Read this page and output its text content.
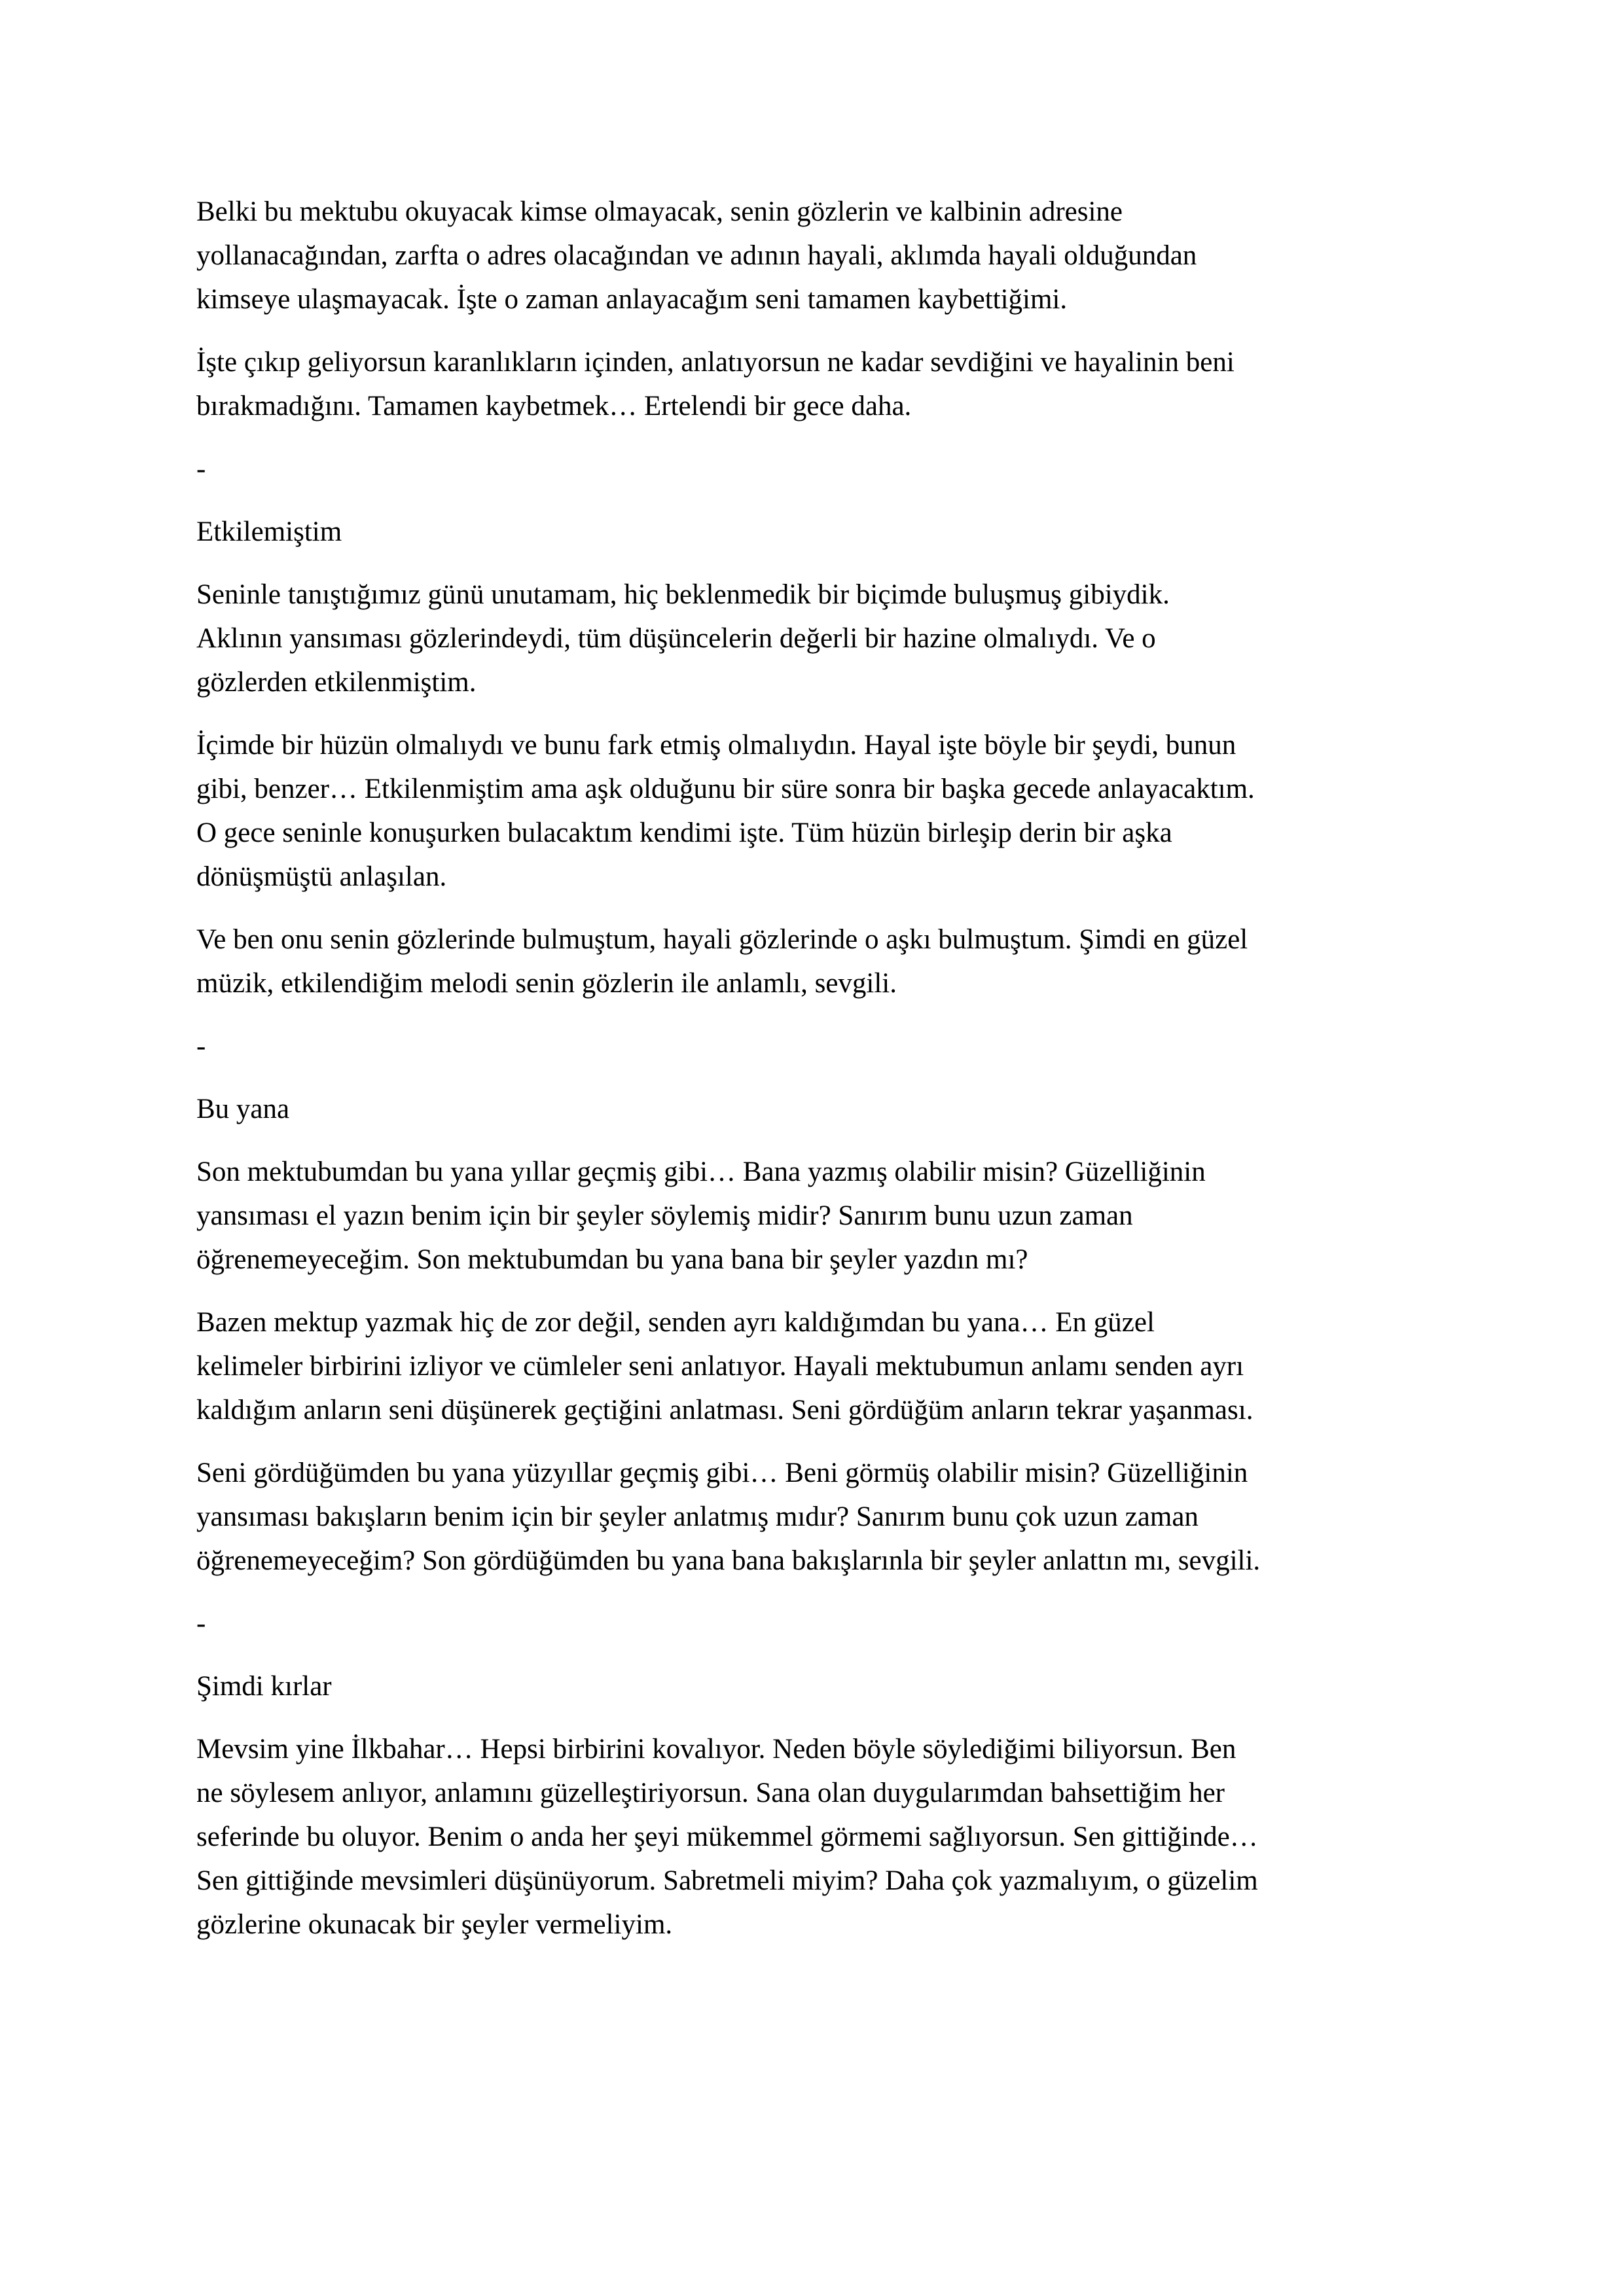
Belki bu mektubu okuyacak kimse olmayacak, senin gözlerin ve kalbinin adresine
yollanacağından, zarfta o adres olacağından ve adının hayali, aklımda hayali olduğundan
kimseye ulaşmayacak. İşte o zaman anlayacağım seni tamamen kaybettiğimi.

İşte çıkıp geliyorsun karanlıkların içinden, anlatıyorsun ne kadar sevdiğini ve hayalinin beni
bırakmadığını. Tamamen kaybetmek… Ertelendi bir gece daha.

-
Etkilemiştim

Seninle tanıştığımız günü unutamam, hiç beklenmedik bir biçimde buluşmuş gibiydik.
Aklının yansıması gözlerindeydi, tüm düşüncelerin değerli bir hazine olmalıydı. Ve o
gözlerden etkilenmiştim.

İçimde bir hüzün olmalıydı ve bunu fark etmiş olmalıydın. Hayal işte böyle bir şeydi, bunun
gibi, benzer… Etkilenmiştim ama aşk olduğunu bir süre sonra bir başka gecede anlayacaktım.
O gece seninle konuşurken bulacaktım kendimi işte. Tüm hüzün birleşip derin bir aşka
dönüşmüştü anlaşılan.

Ve ben onu senin gözlerinde bulmuştum, hayali gözlerinde o aşkı bulmuştum. Şimdi en güzel
müzik, etkilendiğim melodi senin gözlerin ile anlamlı, sevgili.

-
Bu yana

Son mektubumdan bu yana yıllar geçmiş gibi… Bana yazmış olabilir misin? Güzelliğinin
yansıması el yazın benim için bir şeyler söylemiş midir? Sanırım bunu uzun zaman
öğrenemeyeceğim. Son mektubumdan bu yana bana bir şeyler yazdın mı?

Bazen mektup yazmak hiç de zor değil, senden ayrı kaldığımdan bu yana… En güzel
kelimeler birbirini izliyor ve cümleler seni anlatıyor. Hayali mektubumun anlamı senden ayrı
kaldığım anların seni düşünerek geçtiğini anlatması. Seni gördüğüm anların tekrar yaşanması.

Seni gördüğümden bu yana yüzyıllar geçmiş gibi… Beni görmüş olabilir misin? Güzelliğinin
yansıması bakışların benim için bir şeyler anlatmış mıdır? Sanırım bunu çok uzun zaman
öğrenemeyeceğim? Son gördüğümden bu yana bana bakışlarınla bir şeyler anlattın mı, sevgili.

-
Şimdi kırlar

Mevsim yine İlkbahar… Hepsi birbirini kovalıyor. Neden böyle söylediğimi biliyorsun. Ben
ne söylesem anlıyor, anlamını güzelleştiriyorsun. Sana olan duygularımdan bahsettiğim her
seferinde bu oluyor. Benim o anda her şeyi mükemmel görmemi sağlıyorsun. Sen gittiğinde…
Sen gittiğinde mevsimleri düşünüyorum. Sabretmeli miyim? Daha çok yazmalıyım, o güzelim
gözlerine okunacak bir şeyler vermeliyim.
